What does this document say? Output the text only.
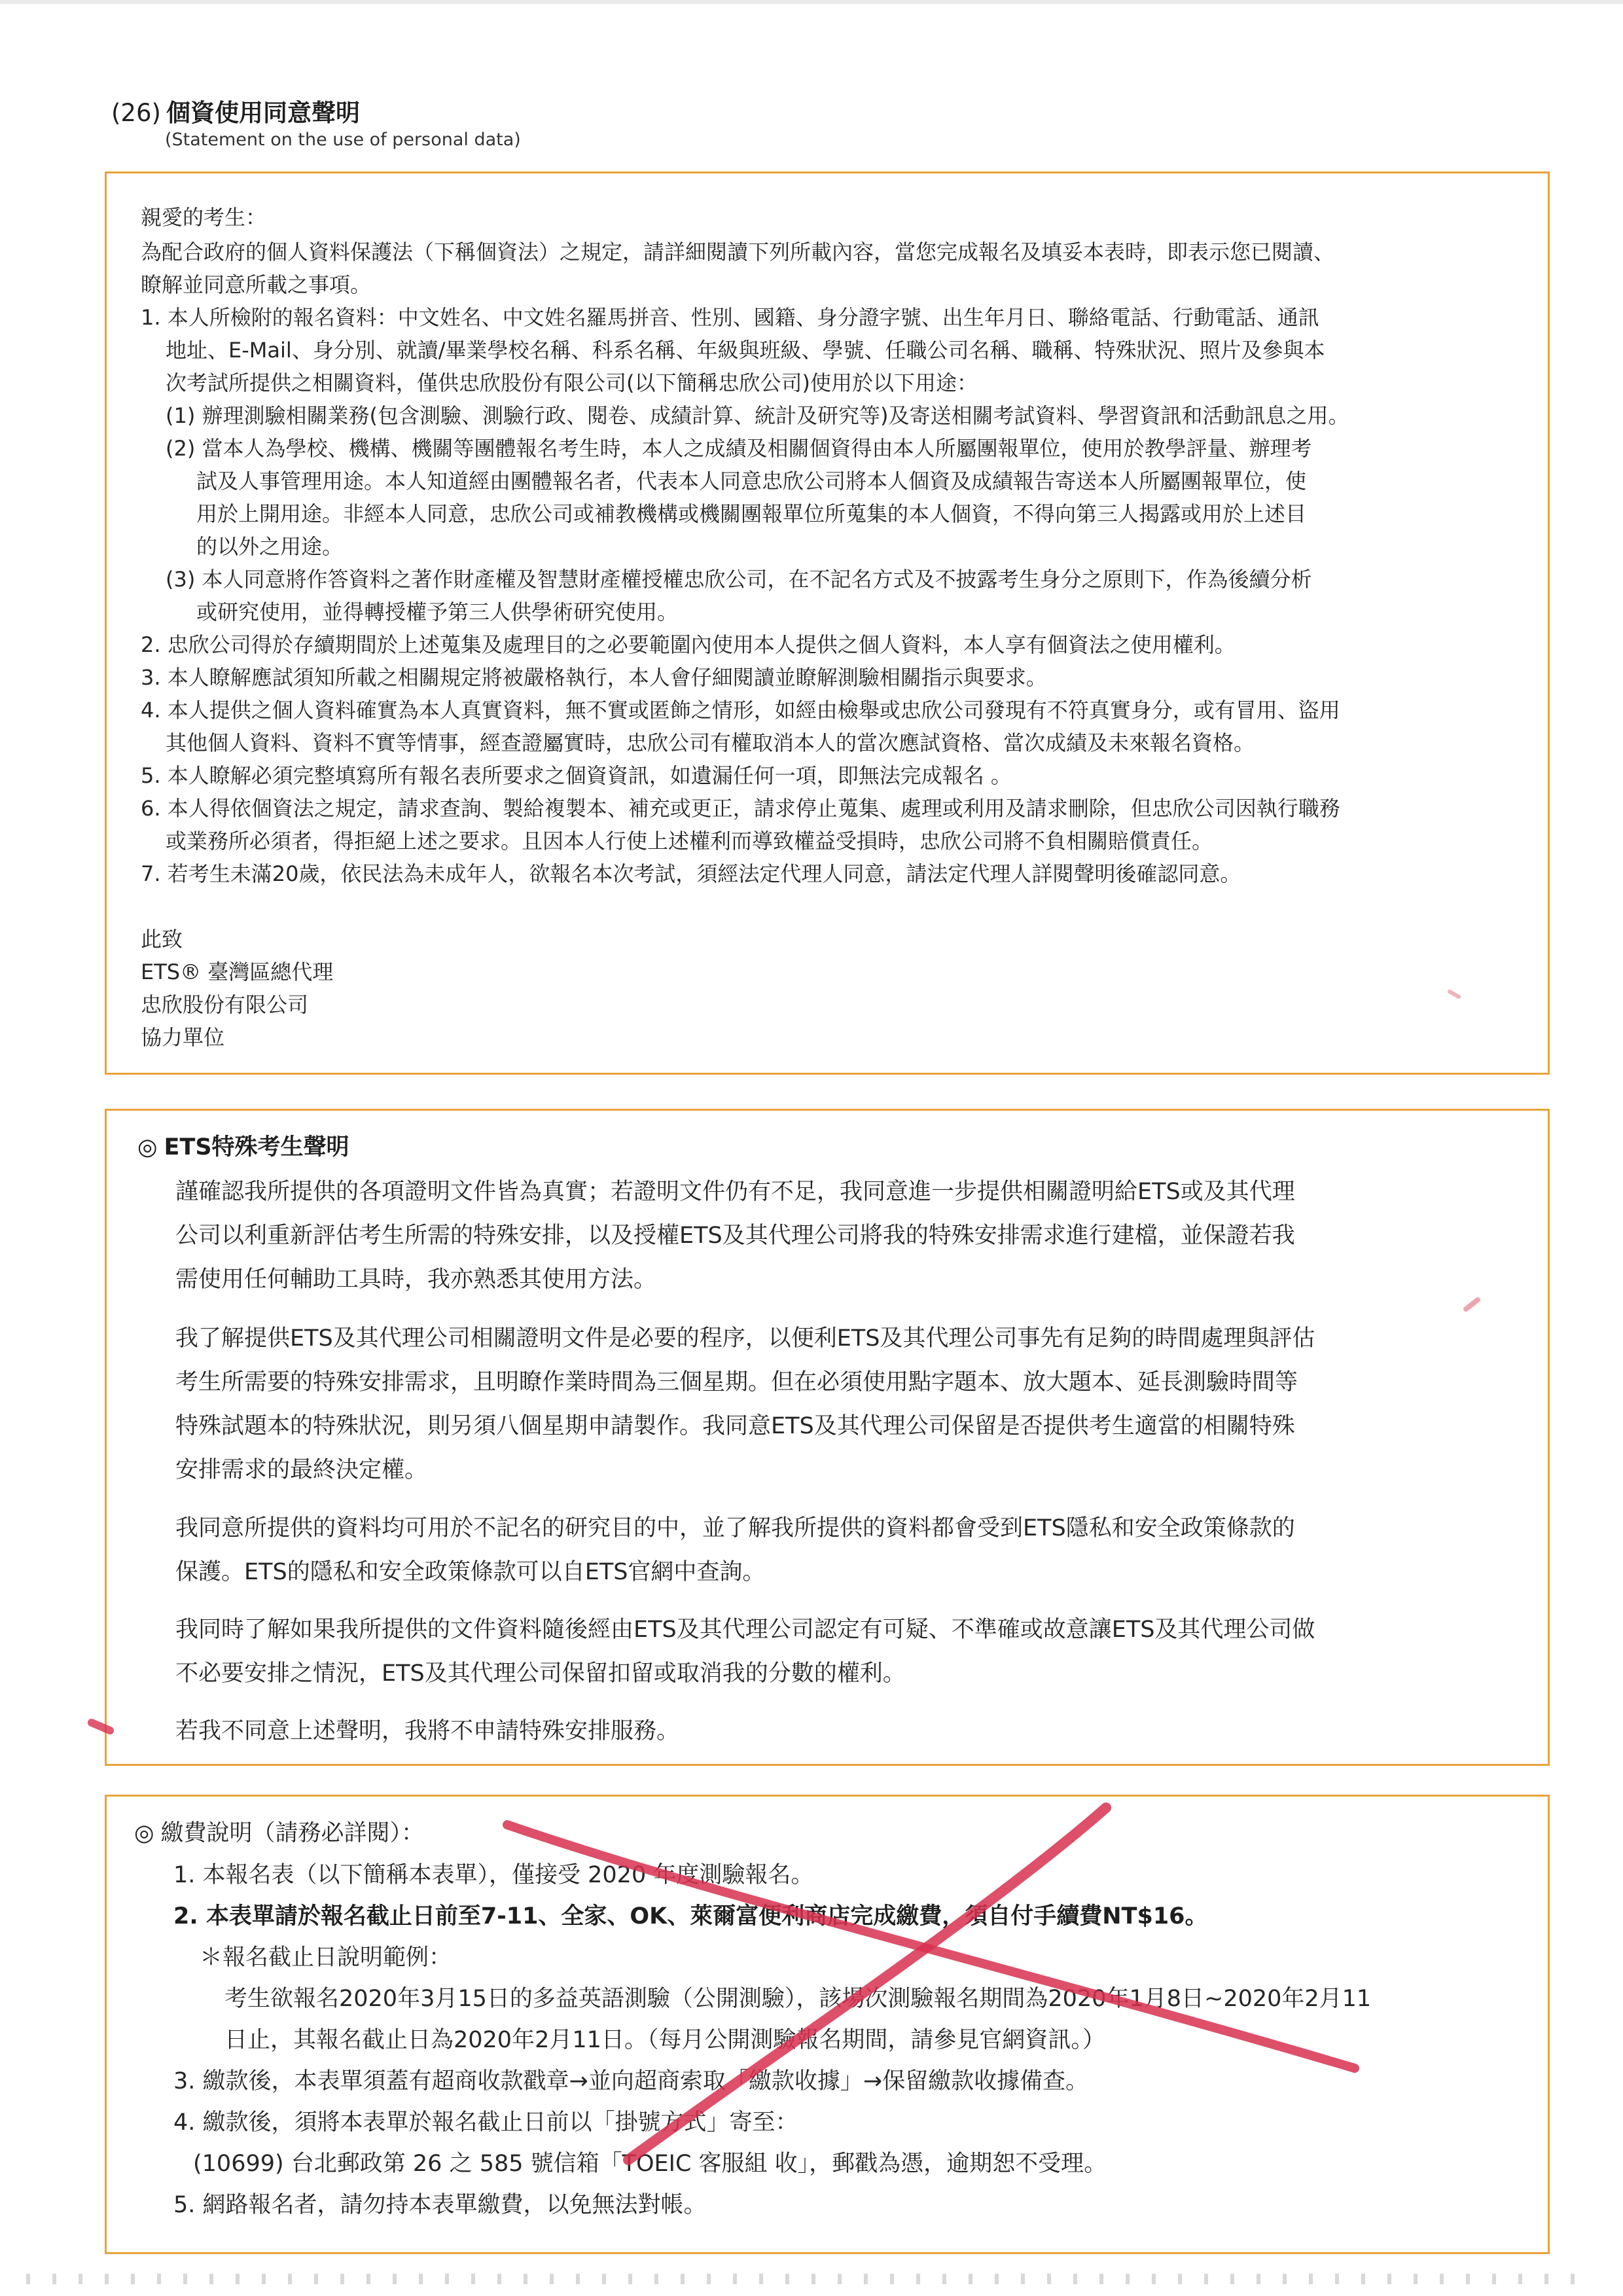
(26) 個資使用同意聲明
(Statement on the use of personal data)
親愛的考生：
為配合政府的個人資料保護法（下稱個資法）之規定，請詳細閱讀下列所載內容，當您完成報名及填妥本表時，即表示您已閱讀、
瞭解並同意所載之事項。
1. 本人所檢附的報名資料：中文姓名、中文姓名羅馬拼音、性別、國籍、身分證字號、出生年月日、聯絡電話、行動電話、通訊
地址、E-Mail、身分別、就讀/畢業學校名稱、科系名稱、年級與班級、學號、任職公司名稱、職稱、特殊狀況、照片及參與本
次考試所提供之相關資料，僅供忠欣股份有限公司(以下簡稱忠欣公司)使用於以下用途：
(1) 辦理測驗相關業務(包含測驗、測驗行政、閱卷、成績計算、統計及研究等)及寄送相關考試資料、學習資訊和活動訊息之用。
(2) 當本人為學校、機構、機關等團體報名考生時，本人之成績及相關個資得由本人所屬團報單位，使用於教學評量、辦理考
試及人事管理用途。本人知道經由團體報名者，代表本人同意忠欣公司將本人個資及成績報告寄送本人所屬團報單位，使
用於上開用途。非經本人同意，忠欣公司或補教機構或機關團報單位所蒐集的本人個資，不得向第三人揭露或用於上述目
的以外之用途。
(3) 本人同意將作答資料之著作財產權及智慧財產權授權忠欣公司，在不記名方式及不披露考生身分之原則下，作為後續分析
或研究使用，並得轉授權予第三人供學術研究使用。
2. 忠欣公司得於存續期間於上述蒐集及處理目的之必要範圍內使用本人提供之個人資料，本人享有個資法之使用權利。
3. 本人瞭解應試須知所載之相關規定將被嚴格執行，本人會仔細閱讀並瞭解測驗相關指示與要求。
4. 本人提供之個人資料確實為本人真實資料，無不實或匿飾之情形，如經由檢舉或忠欣公司發現有不符真實身分，或有冒用、盜用
其他個人資料、資料不實等情事，經查證屬實時，忠欣公司有權取消本人的當次應試資格、當次成績及未來報名資格。
5. 本人瞭解必須完整填寫所有報名表所要求之個資資訊，如遺漏任何一項，即無法完成報名 。
6. 本人得依個資法之規定，請求查詢、製給複製本、補充或更正，請求停止蒐集、處理或利用及請求刪除，但忠欣公司因執行職務
或業務所必須者，得拒絕上述之要求。且因本人行使上述權利而導致權益受損時，忠欣公司將不負相關賠償責任。
7. 若考生未滿20歲，依民法為未成年人，欲報名本次考試，須經法定代理人同意，請法定代理人詳閱聲明後確認同意。
此致
ETS® 臺灣區總代理
忠欣股份有限公司
協力單位
◎ ETS特殊考生聲明
謹確認我所提供的各項證明文件皆為真實；若證明文件仍有不足，我同意進一步提供相關證明給ETS或及其代理
公司以利重新評估考生所需的特殊安排，以及授權ETS及其代理公司將我的特殊安排需求進行建檔，並保證若我
需使用任何輔助工具時，我亦熟悉其使用方法。
我了解提供ETS及其代理公司相關證明文件是必要的程序，以便利ETS及其代理公司事先有足夠的時間處理與評估
考生所需要的特殊安排需求，且明瞭作業時間為三個星期。但在必須使用點字題本、放大題本、延長測驗時間等
特殊試題本的特殊狀況，則另須八個星期申請製作。我同意ETS及其代理公司保留是否提供考生適當的相關特殊
安排需求的最終決定權。
我同意所提供的資料均可用於不記名的研究目的中，並了解我所提供的資料都會受到ETS隱私和安全政策條款的
保護。ETS的隱私和安全政策條款可以自ETS官網中查詢。
我同時了解如果我所提供的文件資料隨後經由ETS及其代理公司認定有可疑、不準確或故意讓ETS及其代理公司做
不必要安排之情況，ETS及其代理公司保留扣留或取消我的分數的權利。
若我不同意上述聲明，我將不申請特殊安排服務。
◎ 繳費說明（請務必詳閱）：
1. 本報名表（以下簡稱本表單），僅接受 2020 年度測驗報名。
2. 本表單請於報名截止日前至7-11、全家、OK、萊爾富便利商店完成繳費，須自付手續費NT$16。
＊報名截止日說明範例：
考生欲報名2020年3月15日的多益英語測驗（公開測驗），該場次測驗報名期間為2020年1月8日~2020年2月11
日止，其報名截止日為2020年2月11日。（每月公開測驗報名期間，請參見官網資訊。）
3. 繳款後，本表單須蓋有超商收款戳章→並向超商索取「繳款收據」→保留繳款收據備查。
4. 繳款後，須將本表單於報名截止日前以「掛號方式」寄至：
(10699) 台北郵政第 26 之 585 號信箱「TOEIC 客服組 收」，郵戳為憑，逾期恕不受理。
5. 網路報名者，請勿持本表單繳費，以免無法對帳。
